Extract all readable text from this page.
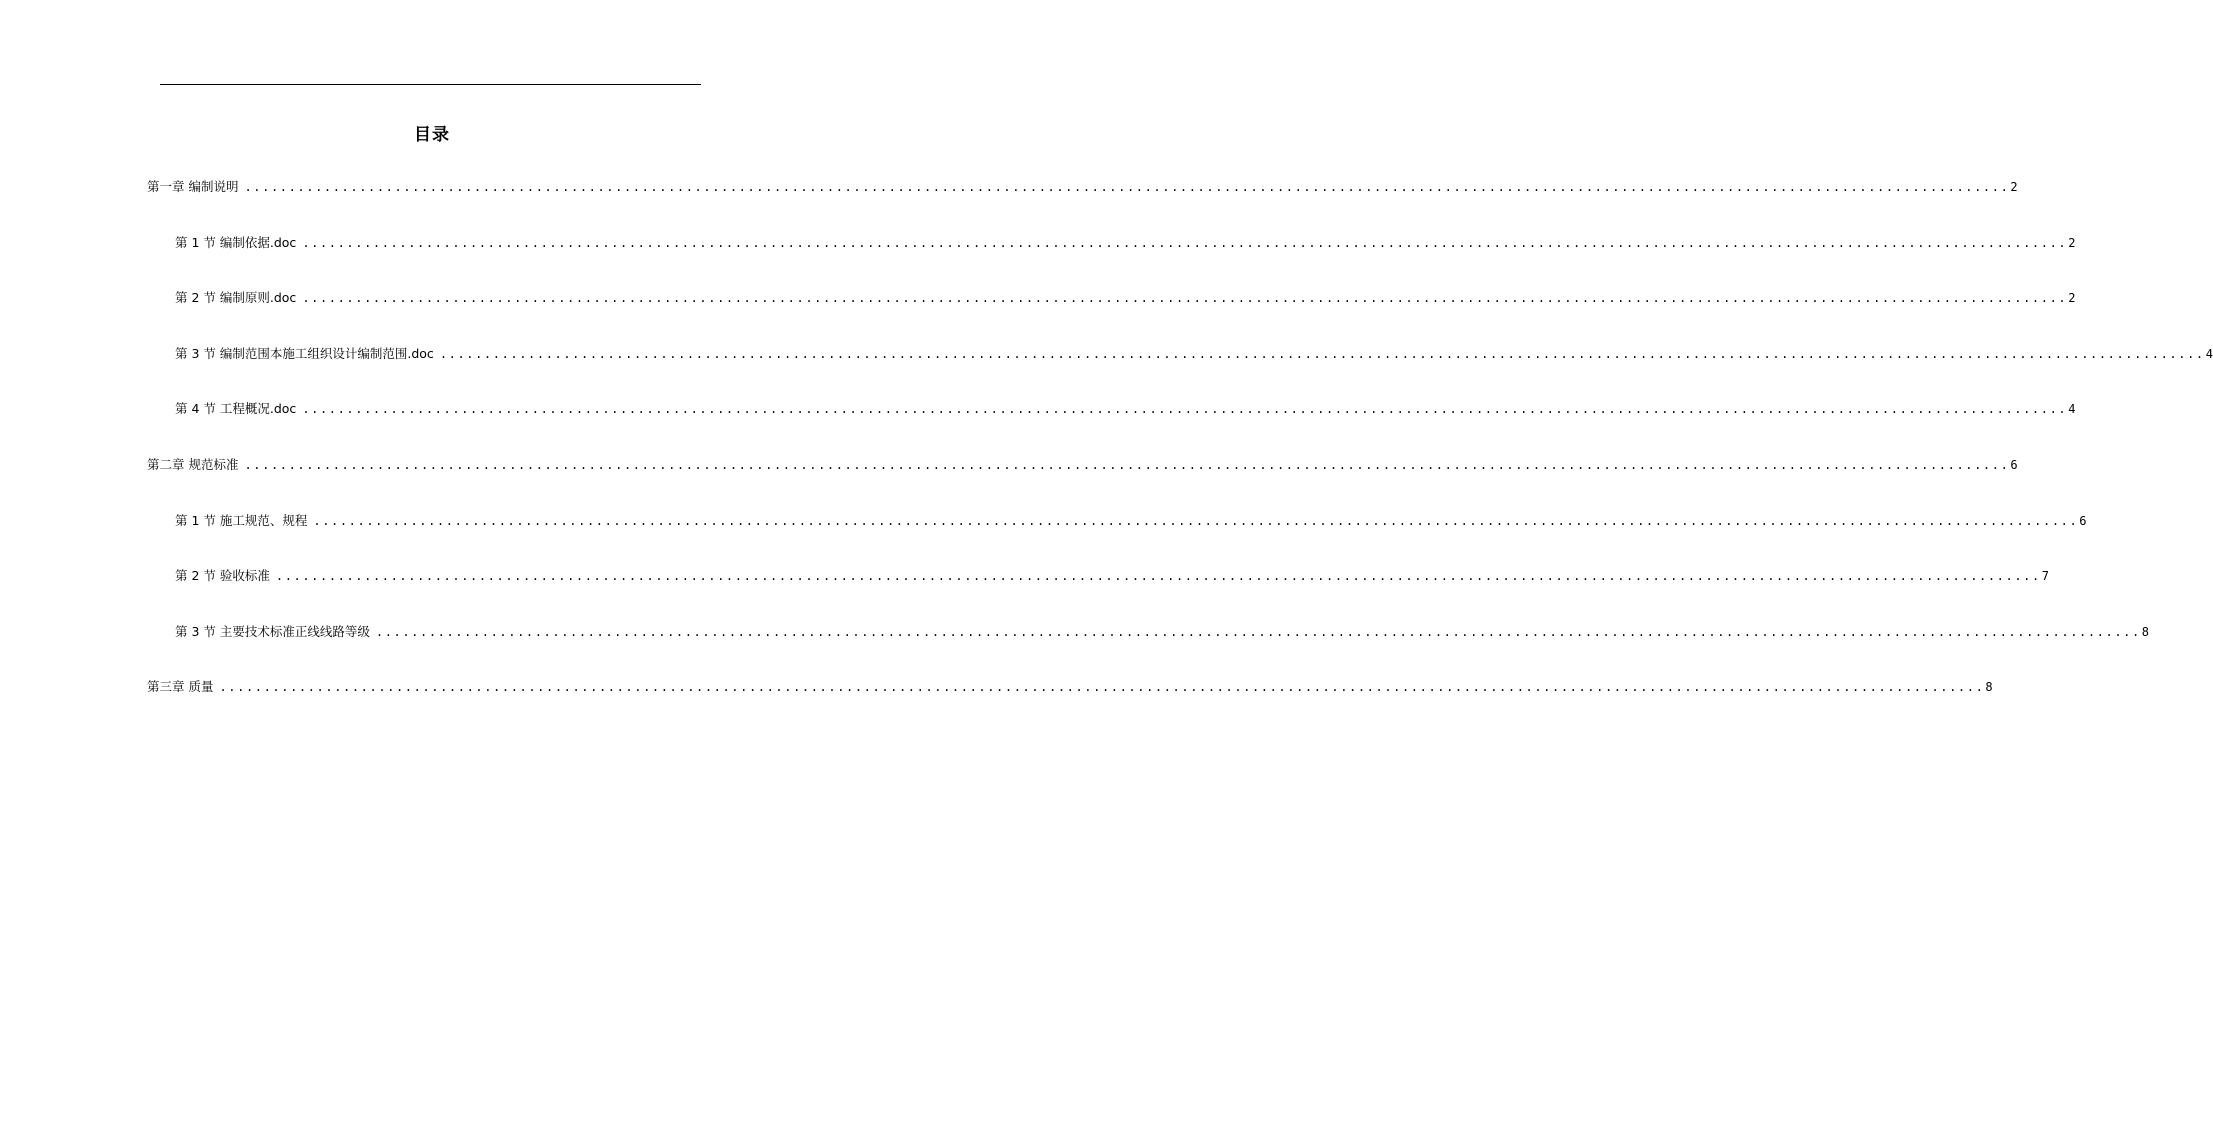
目录
第一章 编制说明 ........................................................................................................................................................................................................ 2
第 1 节 编制依据.doc ........................................................................................................................................................................................................ 2
第 2 节 编制原则.doc ........................................................................................................................................................................................................ 2
第 3 节 编制范围本施工组织设计编制范围.doc ........................................................................................................................................................................................................ 4
第 4 节 工程概况.doc ........................................................................................................................................................................................................ 4
第二章 规范标准 ........................................................................................................................................................................................................ 6
第 1 节 施工规范、规程 ........................................................................................................................................................................................................ 6
第 2 节 验收标准 ........................................................................................................................................................................................................ 7
第 3 节 主要技术标准正线线路等级 ........................................................................................................................................................................................................ 8
第三章 质量 ........................................................................................................................................................................................................ 8
